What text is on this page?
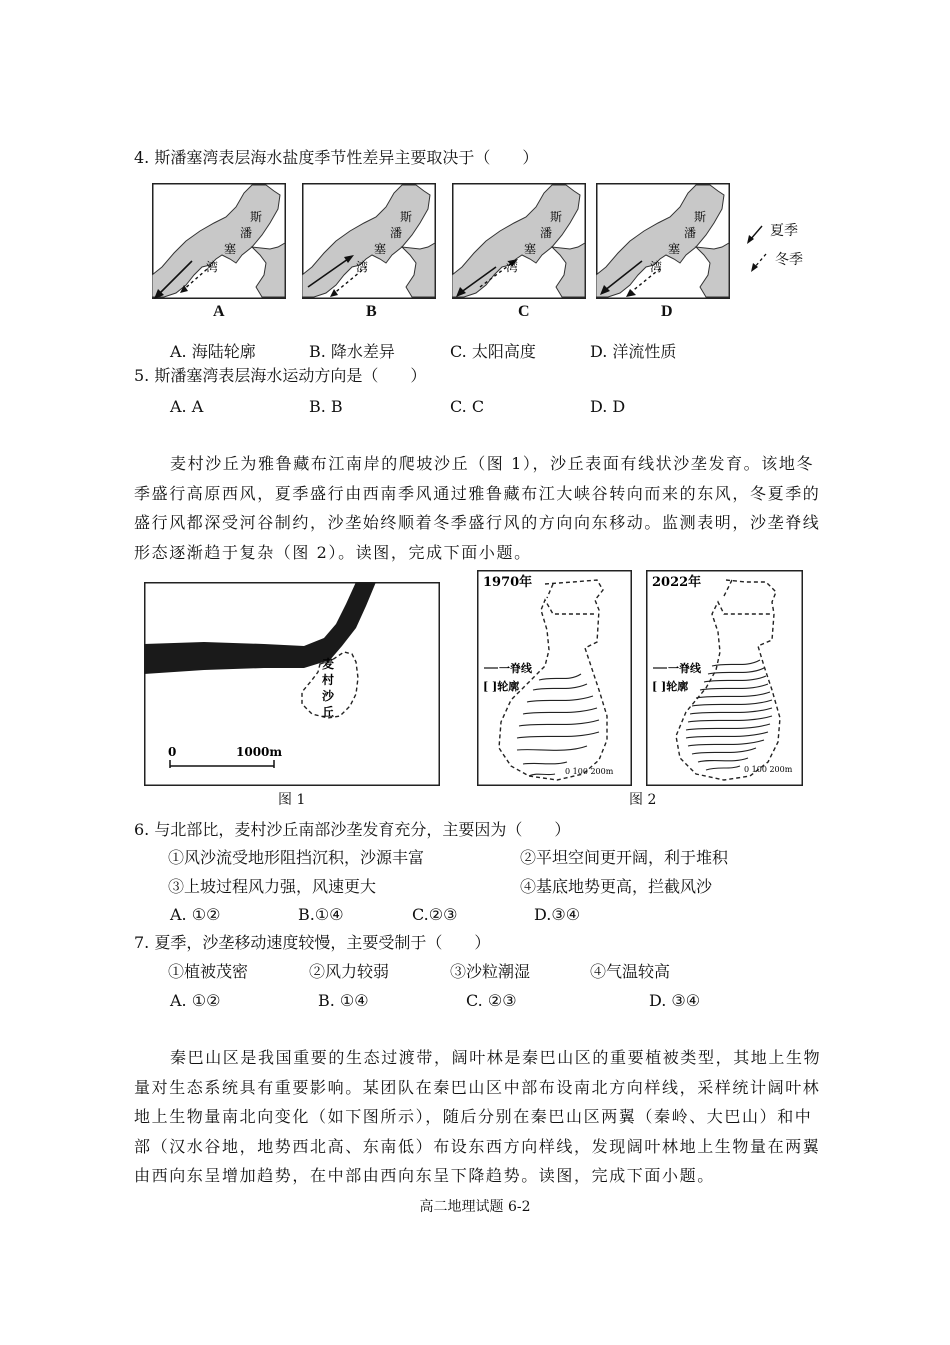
4. 斯潘塞湾表层海水盐度季节性差异主要取决于（　　）
斯
潘
塞
湾
A
斯
潘
塞
湾
B
斯
潘
塞
湾
C
斯
潘
塞
湾
D
夏季
冬季
A. 海陆轮廓	B. 降水差异	C. 太阳高度	D. 洋流性质
5. 斯潘塞湾表层海水运动方向是（　　）
A. A	B. B	C. C	D. D
麦村沙丘为雅鲁藏布江南岸的爬坡沙丘（图 1），沙丘表面有线状沙垄发育。该地冬季盛行高原西风，夏季盛行由西南季风通过雅鲁藏布江大峡谷转向而来的东风，冬夏季的盛行风都深受河谷制约，沙垄始终顺着冬季盛行风的方向向东移动。监测表明，沙垄脊线形态逐渐趋于复杂（图 2）。读图，完成下面小题。
0	1000m
麦
村
沙
丘
图 1
1970年
一脊线
[ ]轮廓
0 100 200m
2022年
一脊线
[ ]轮廓
0 100 200m
图 2
6. 与北部比，麦村沙丘南部沙垄发育充分，主要因为（　　）
①风沙流受地形阻挡沉积，沙源丰富	②平坦空间更开阔，利于堆积
③上坡过程风力强，风速更大	④基底地势更高，拦截风沙
A. ①②	B.①④	C.②③	D.③④
7. 夏季，沙垄移动速度较慢，主要受制于（　　）
①植被茂密	②风力较弱	③沙粒潮湿	④气温较高
A. ①②	B. ①④	C. ②③	D. ③④
秦巴山区是我国重要的生态过渡带，阔叶林是秦巴山区的重要植被类型，其地上生物量对生态系统具有重要影响。某团队在秦巴山区中部布设南北方向样线，采样统计阔叶林地上生物量南北向变化（如下图所示），随后分别在秦巴山区两翼（秦岭、大巴山）和中部（汉水谷地，地势西北高、东南低）布设东西方向样线，发现阔叶林地上生物量在两翼由西向东呈增加趋势，在中部由西向东呈下降趋势。读图，完成下面小题。
高二地理试题 6-2
